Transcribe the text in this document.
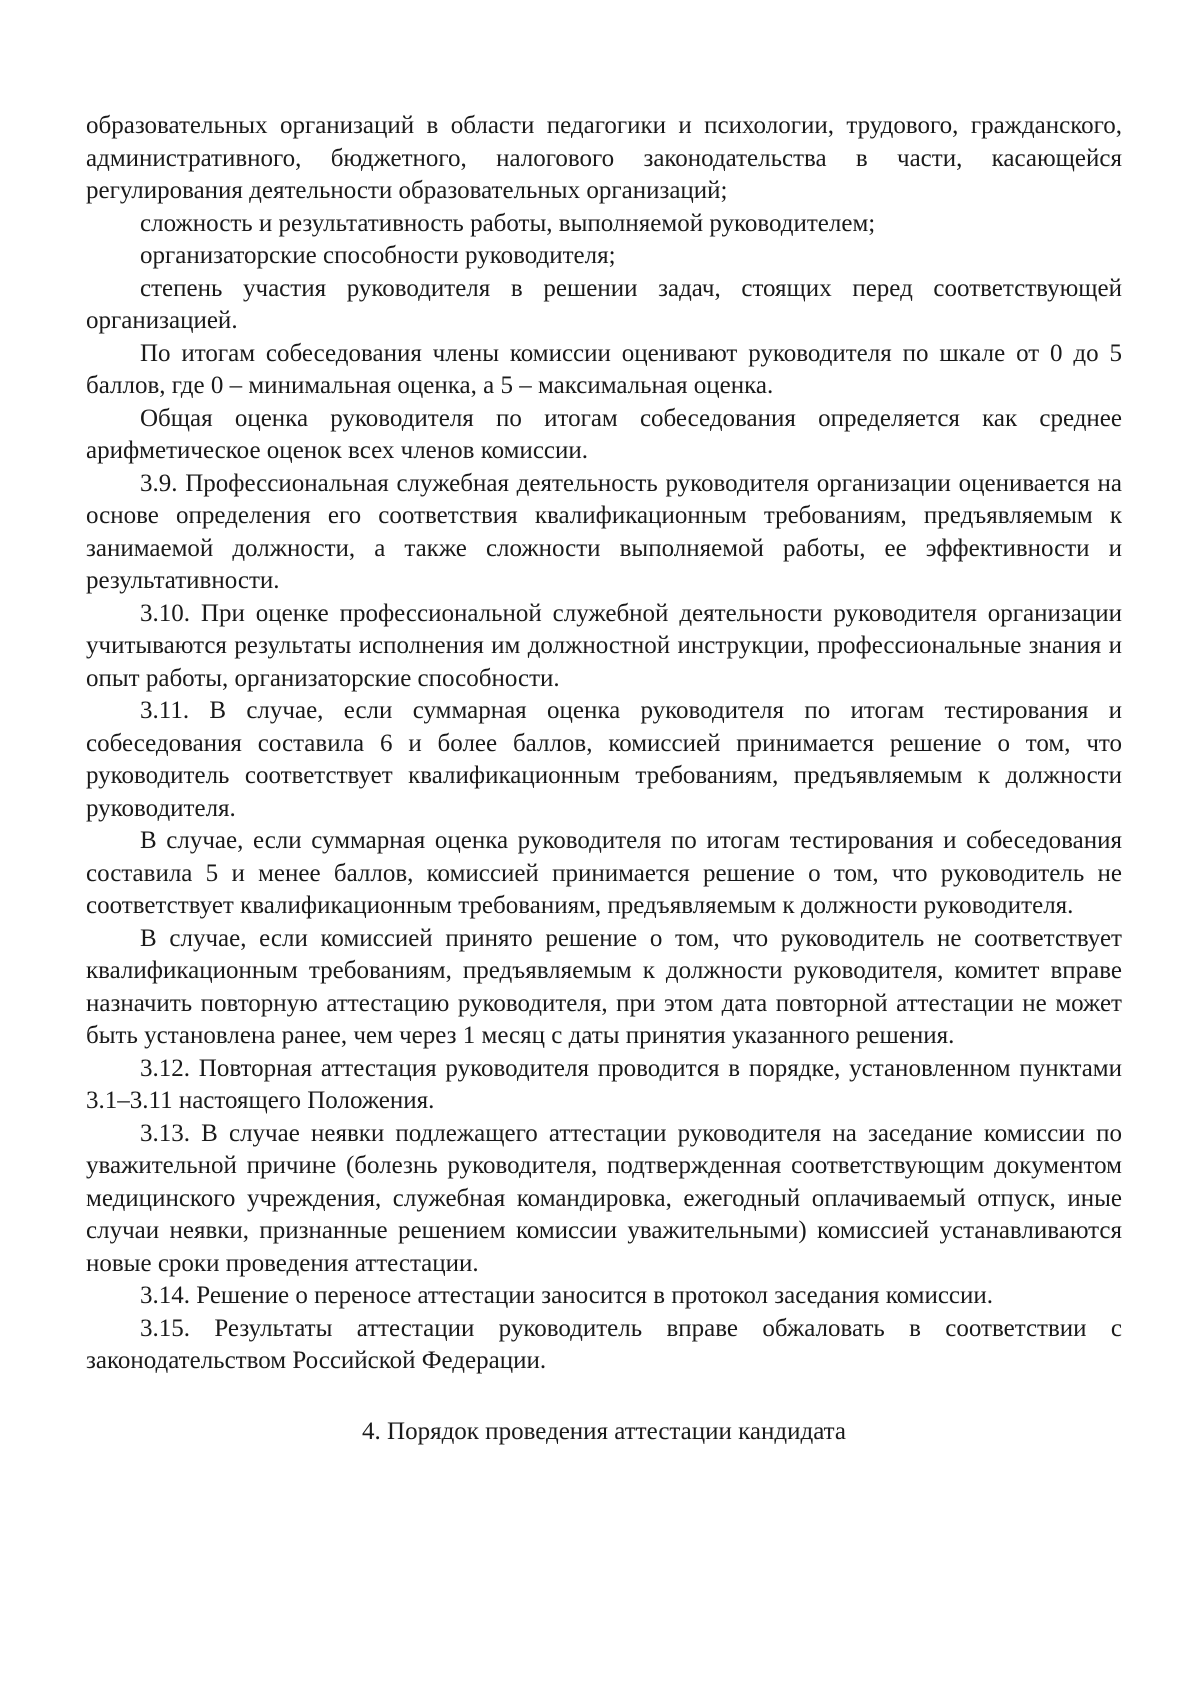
образовательных организаций в области педагогики и психологии, трудового, гражданского, административного, бюджетного, налогового законодательства в части, касающейся регулирования деятельности образовательных организаций;

сложность и результативность работы, выполняемой руководителем;

организаторские способности руководителя;

степень участия руководителя в решении задач, стоящих перед соответствующей организацией.

По итогам собеседования члены комиссии оценивают руководителя по шкале от 0 до 5 баллов, где 0 – минимальная оценка, а 5 – максимальная оценка.

Общая оценка руководителя по итогам собеседования определяется как среднее арифметическое оценок всех членов комиссии.

3.9. Профессиональная служебная деятельность руководителя организации оценивается на основе определения его соответствия квалификационным требованиям, предъявляемым к занимаемой должности, а также сложности выполняемой работы, ее эффективности и результативности.

3.10. При оценке профессиональной служебной деятельности руководителя организации учитываются результаты исполнения им должностной инструкции, профессиональные знания и опыт работы, организаторские способности.

3.11. В случае, если суммарная оценка руководителя по итогам тестирования и собеседования составила 6 и более баллов, комиссией принимается решение о том, что руководитель соответствует квалификационным требованиям, предъявляемым к должности руководителя.

В случае, если суммарная оценка руководителя по итогам тестирования и собеседования составила 5 и менее баллов, комиссией принимается решение о том, что руководитель не соответствует квалификационным требованиям, предъявляемым к должности руководителя.

В случае, если комиссией принято решение о том, что руководитель не соответствует квалификационным требованиям, предъявляемым к должности руководителя, комитет вправе назначить повторную аттестацию руководителя, при этом дата повторной аттестации не может быть установлена ранее, чем через 1 месяц с даты принятия указанного решения.

3.12. Повторная аттестация руководителя проводится в порядке, установленном пунктами 3.1–3.11 настоящего Положения.

3.13. В случае неявки подлежащего аттестации руководителя на заседание комиссии по уважительной причине (болезнь руководителя, подтвержденная соответствующим документом медицинского учреждения, служебная командировка, ежегодный оплачиваемый отпуск, иные случаи неявки, признанные решением комиссии уважительными) комиссией устанавливаются новые сроки проведения аттестации.

3.14. Решение о переносе аттестации заносится в протокол заседания комиссии.

3.15. Результаты аттестации руководитель вправе обжаловать в соответствии с законодательством Российской Федерации.

4. Порядок проведения аттестации кандидата
